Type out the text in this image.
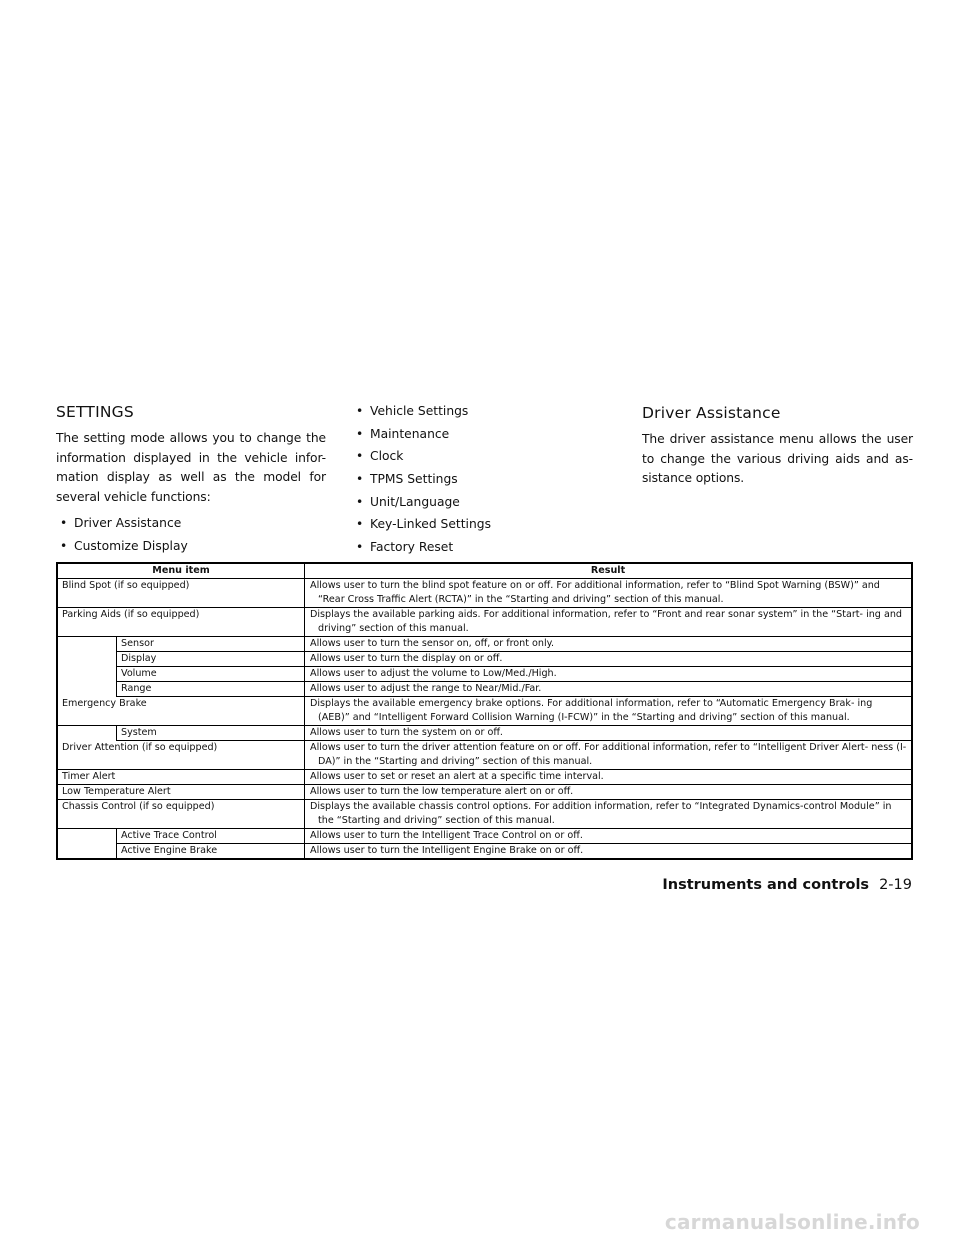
SETTINGS
The setting mode allows you to change the information displayed in the vehicle infor- mation display as well as the model for several vehicle functions:
• Driver Assistance
• Customize Display
• Vehicle Settings
• Maintenance
• Clock
• TPMS Settings
• Unit/Language
• Key-Linked Settings
• Factory Reset
Driver Assistance
The driver assistance menu allows the user to change the various driving aids and as- sistance options.
Menu item		Result
Blind Spot (if so equipped)		Allows user to turn the blind spot feature on or off. For additional information, refer to “Blind Spot Warning (BSW)” and “Rear Cross Traffic Alert (RCTA)” in the “Starting and driving” section of this manual.
Parking Aids (if so equipped)		Displays the available parking aids. For additional information, refer to “Front and rear sonar system” in the “Start- ing and driving” section of this manual.
	Sensor	Allows user to turn the sensor on, off, or front only.
	Display	Allows user to turn the display on or off.
	Volume	Allows user to adjust the volume to Low/Med./High.
	Range	Allows user to adjust the range to Near/Mid./Far.
Emergency Brake		Displays the available emergency brake options. For additional information, refer to “Automatic Emergency Brak- ing (AEB)” and “Intelligent Forward Collision Warning (I-FCW)” in the “Starting and driving” section of this manual.
	System	Allows user to turn the system on or off.
Driver Attention (if so equipped)		Allows user to turn the driver attention feature on or off. For additional information, refer to “Intelligent Driver Alert- ness (I-DA)” in the “Starting and driving” section of this manual.
Timer Alert		Allows user to set or reset an alert at a specific time interval.
Low Temperature Alert		Allows user to turn the low temperature alert on or off.
Chassis Control (if so equipped)		Displays the available chassis control options. For addition information, refer to “Integrated Dynamics-control Module” in the “Starting and driving” section of this manual.
	Active Trace Control	Allows user to turn the Intelligent Trace Control on or off.
	Active Engine Brake	Allows user to turn the Intelligent Engine Brake on or off.
Instruments and controls 2-19
carmanualsonline.info
